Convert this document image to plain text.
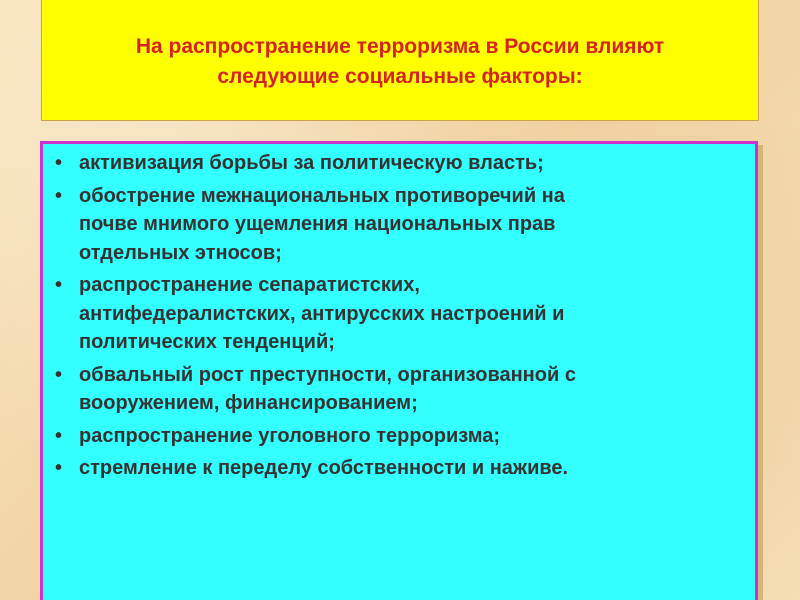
На распространение терроризма в России влияют
следующие социальные факторы:
• активизация борьбы за политическую власть;
• обострение межнациональных противоречий на
почве мнимого ущемления национальных прав
отдельных этносов;
• распространение сепаратистских,
антифедералистских, антирусских настроений и
политических тенденций;
• обвальный рост преступности, организованной с
вооружением, финансированием;
• распространение уголовного терроризма;
• стремление к переделу собственности и наживе.
